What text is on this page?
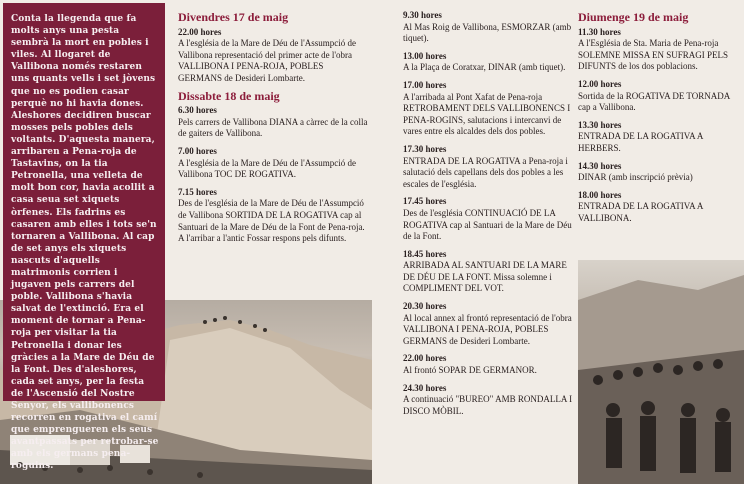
Conta la llegenda que fa molts anys una pesta sembrà la mort en pobles i viles. Al llogaret de Vallibona només restaren uns quants vells i set jòvens que no es podien casar perquè no hi havia dones. Aleshores decidiren buscar mosses pels pobles dels voltants. D'aquesta manera, arribaren a Pena-roja de Tastavins, on la tia Petronella, una velleta de molt bon cor, havia acollit a casa seua set xiquets òrfenes. Els fadrins es casaren amb elles i tots se'n tornaren a Vallibona. Al cap de set anys els xiquets nascuts d'aquells matrimonis corrien i jugaven pels carrers del poble. Vallibona s'havia salvat de l'extinció. Era el moment de tornar a Pena-roja per visitar la tia Petronella i donar les gràcies a la Mare de Déu de la Font. Des d'aleshores, cada set anys, per la festa de l'Ascensió del Nostre Senyor, els vallibonencs recorren en rogativa el camí que emprengueren els seus avantpassats per retrobar-se amb els germans pena-roguins.
Divendres 17 de maig
22.00 hores
A l'església de la Mare de Déu de l'Assumpció de Vallibona representació del primer acte de l'obra VALLIBONA I PENA-ROJA, POBLES GERMANS de Desideri Lombarte.
Dissabte 18 de maig
6.30 hores
Pels carrers de Vallibona DIANA a càrrec de la colla de gaiters de Vallibona.
7.00 hores
A l'església de la Mare de Déu de l'Assumpció de Vallibona TOC DE ROGATIVA.
7.15 hores
Des de l'església de la Mare de Déu de l'Assumpció de Vallibona SORTIDA DE LA ROGATIVA cap al Santuari de la Mare de Déu de la Font de Pena-roja. A l'arribar a l'antic Fossar respons pels difunts.
9.30 hores
Al Mas Roig de Vallibona, ESMORZAR (amb tiquet).
13.00 hores
A la Plaça de Coratxar, DINAR (amb tiquet).
17.00 hores
A l'arribada al Pont Xafat de Pena-roja RETROBAMENT DELS VALLIBONENCS I PENA-ROGINS, salutacions i intercanvi de vares entre els alcaldes dels dos pobles.
17.30 hores
ENTRADA DE LA ROGATIVA a Pena-roja i salutació dels capellans dels dos pobles a les escales de l'església.
17.45 hores
Des de l'església CONTINUACIÓ DE LA ROGATIVA cap al Santuari de la Mare de Déu de la Font.
18.45 hores
ARRIBADA AL SANTUARI DE LA MARE DE DÉU DE LA FONT. Missa solemne i COMPLIMENT DEL VOT.
20.30 hores
Al local annex al frontó representació de l'obra VALLIBONA I PENA-ROJA, POBLES GERMANS de Desideri Lombarte.
22.00 hores
Al frontó SOPAR DE GERMANOR.
24.30 hores
A continuació "BUREO" AMB RONDALLA I DISCO MÒBIL.
Diumenge 19 de maig
11.30 hores
A l'Església de Sta. Maria de Pena-roja SOLEMNE MISSA EN SUFRAGI PELS DIFUNTS de los dos poblacions.
12.00 hores
Sortida de la ROGATIVA DE TORNADA cap a Vallibona.
13.30 hores
ENTRADA DE LA ROGATIVA A HERBERS.
14.30 hores
DINAR (amb inscripció prèvia)
18.00 hores
ENTRADA DE LA ROGATIVA A VALLIBONA.
